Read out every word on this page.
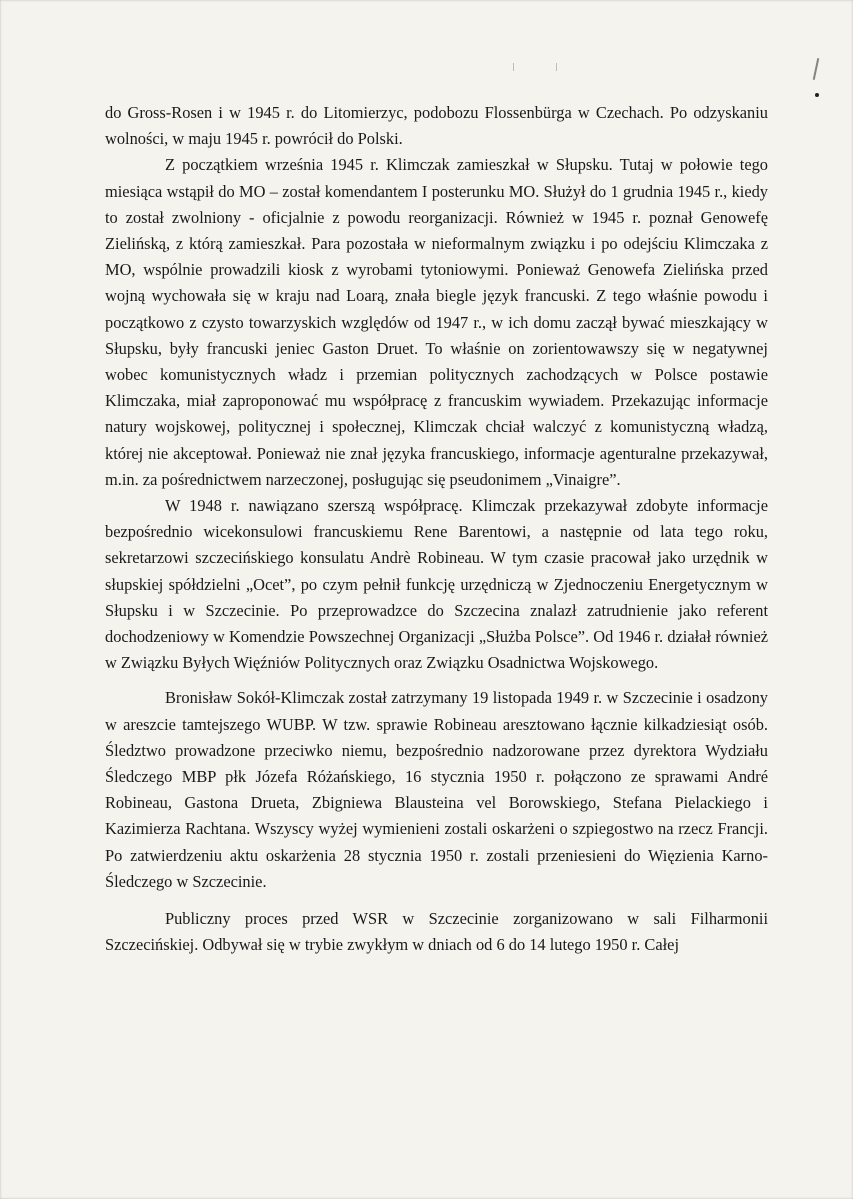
do Gross-Rosen i w 1945 r. do Litomierzyc, podobozu Flossenbürga w Czechach. Po odzyskaniu wolności, w maju 1945 r. powrócił do Polski.

Z początkiem września 1945 r. Klimczak zamieszkał w Słupsku. Tutaj w połowie tego miesiąca wstąpił do MO – został komendantem I posterunku MO. Służył do 1 grudnia 1945 r., kiedy to został zwolniony - oficjalnie z powodu reorganizacji. Również w 1945 r. poznał Genowefę Zielińską, z którą zamieszkał. Para pozostała w nieformalnym związku i po odejściu Klimczaka z MO, wspólnie prowadzili kiosk z wyrobami tytoniowymi. Ponieważ Genowefa Zielińska przed wojną wychowała się w kraju nad Loarą, znała biegle język francuski. Z tego właśnie powodu i początkowo z czysto towarzyskich względów od 1947 r., w ich domu zaczął bywać mieszkający w Słupsku, były francuski jeniec Gaston Druet. To właśnie on zorientowawszy się w negatywnej wobec komunistycznych władz i przemian politycznych zachodzących w Polsce postawie Klimczaka, miał zaproponować mu współpracę z francuskim wywiadem. Przekazując informacje natury wojskowej, politycznej i społecznej, Klimczak chciał walczyć z komunistyczną władzą, której nie akceptował. Ponieważ nie znał języka francuskiego, informacje agenturalne przekazywał, m.in. za pośrednictwem narzeczonej, posługując się pseudonimem „Vinaigre”.

W 1948 r. nawiązano szerszą współpracę. Klimczak przekazywał zdobyte informacje bezpośrednio wicekonsulowi francuskiemu Rene Barentowi, a następnie od lata tego roku, sekretarzowi szczecińskiego konsulatu Andrè Robineau. W tym czasie pracował jako urzędnik w słupskiej spółdzielni „Ocet”, po czym pełnił funkcję urzędniczą w Zjednoczeniu Energetycznym w Słupsku i w Szczecinie. Po przeprowadzce do Szczecina znalazł zatrudnienie jako referent dochodzeniowy w Komendzie Powszechnej Organizacji „Służba Polsce”. Od 1946 r. działał również w Związku Byłych Więźniów Politycznych oraz Związku Osadnictwa Wojskowego.

Bronisław Sokół-Klimczak został zatrzymany 19 listopada 1949 r. w Szczecinie i osadzony w areszcie tamtejszego WUBP. W tzw. sprawie Robineau aresztowano łącznie kilkadziesiąt osób. Śledztwo prowadzone przeciwko niemu, bezpośrednio nadzorowane przez dyrektora Wydziału Śledczego MBP płk Józefa Różańskiego, 16 stycznia 1950 r. połączono ze sprawami André Robineau, Gastona Drueta, Zbigniewa Blausteina vel Borowskiego, Stefana Pielackiego i Kazimierza Rachtana. Wszyscy wyżej wymienieni zostali oskarżeni o szpiegostwo na rzecz Francji. Po zatwierdzeniu aktu oskarżenia 28 stycznia 1950 r. zostali przeniesieni do Więzienia Karno-Śledczego w Szczecinie.

Publiczny proces przed WSR w Szczecinie zorganizowano w sali Filharmonii Szczecińskiej. Odbywał się w trybie zwykłym w dniach od 6 do 14 lutego 1950 r. Całej
